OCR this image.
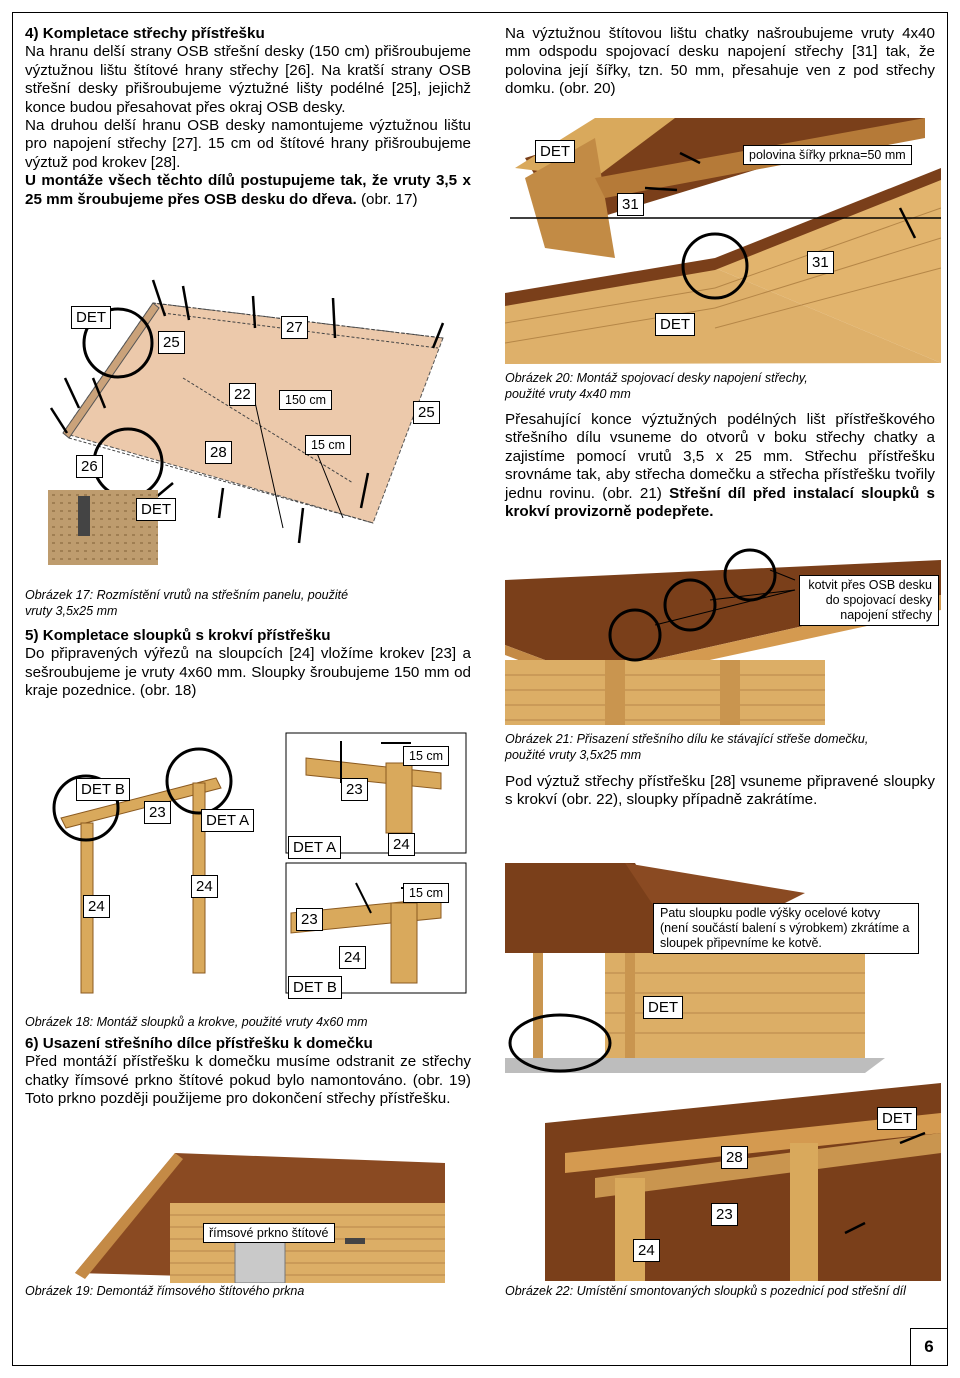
4) Kompletace střechy přístřešku

Na hranu delší strany OSB střešní desky (150 cm) přišroubujeme výztužnou lištu štítové hrany střechy [26]. Na kratší strany OSB střešní desky přišroubujeme výztužné lišty podélné [25], jejichž konce budou přesahovat přes okraj OSB desky.

Na druhou delší hranu OSB desky namontujeme výztužnou lištu pro napojení střechy [27]. 15 cm od štítové hrany přišroubujeme výztuž pod krokev [28].

U montáže všech těchto dílů postupujeme tak, že vruty 3,5 x 25 mm šroubujeme přes OSB desku do dřeva. (obr. 17)

DET
25
27
22	150 cm
25
15 cm
26
28
DET
Obrázek 17: Rozmístění vrutů na střešním panelu, použité vruty 3,5x25 mm

5) Kompletace sloupků s krokví přístřešku

Do připravených výřezů na sloupcích [24] vložíme krokev [23] a sešroubujeme je vruty 4x60 mm. Sloupky šroubujeme 150 mm od kraje pozednice. (obr. 18)

DET B
23	DET A
24
24
15 cm
23
DET A	24
15 cm
23
24
DET B
Obrázek 18: Montáž sloupků a krokve, použité vruty 4x60 mm

6) Usazení střešního dílce přístřešku k domečku

Před montáží přístřešku k domečku musíme odstranit ze střechy chatky římsové prkno štítové pokud bylo namontováno. (obr. 19) Toto prkno později použijeme pro dokončení střechy přístřešku.

římsové prkno štítové
Obrázek 19: Demontáž římsového štítového prkna
Na výztužnou štítovou lištu chatky našroubujeme vruty 4x40 mm odspodu spojovací desku napojení střechy [31] tak, že polovina její šířky, tzn. 50 mm, přesahuje ven z pod střechy domku. (obr. 20)
DET	polovina šířky prkna=50 mm
31
31
DET
Obrázek 20: Montáž spojovací desky napojení střechy, použité vruty 4x40 mm
Přesahující konce výztužných podélných lišt přístřeškového střešního dílu vsuneme do otvorů v boku střechy chatky a zajistíme pomocí vrutů 3,5 x 25 mm. Střechu přístřešku srovnáme tak, aby střecha domečku a střecha přístřešku tvořily jednu rovinu. (obr. 21) Střešní díl před instalací sloupků s krokví provizorně podepřete.
kotvit přes OSB desku do spojovací desky napojení střechy
Obrázek 21: Přisazení střešního dílu ke stávající střeše domečku, použité vruty 3,5x25 mm
Pod výztuž střechy přístřešku [28] vsuneme připravené sloupky s krokví (obr. 22), sloupky případně zakrátíme.
Patu sloupku podle výšky ocelové kotvy (není součástí balení s výrobkem) zkrátíme a sloupek připevníme ke kotvě.
DET
DET
28
23
24
Obrázek 22: Umístění smontovaných sloupků s pozednicí pod střešní díl
6
